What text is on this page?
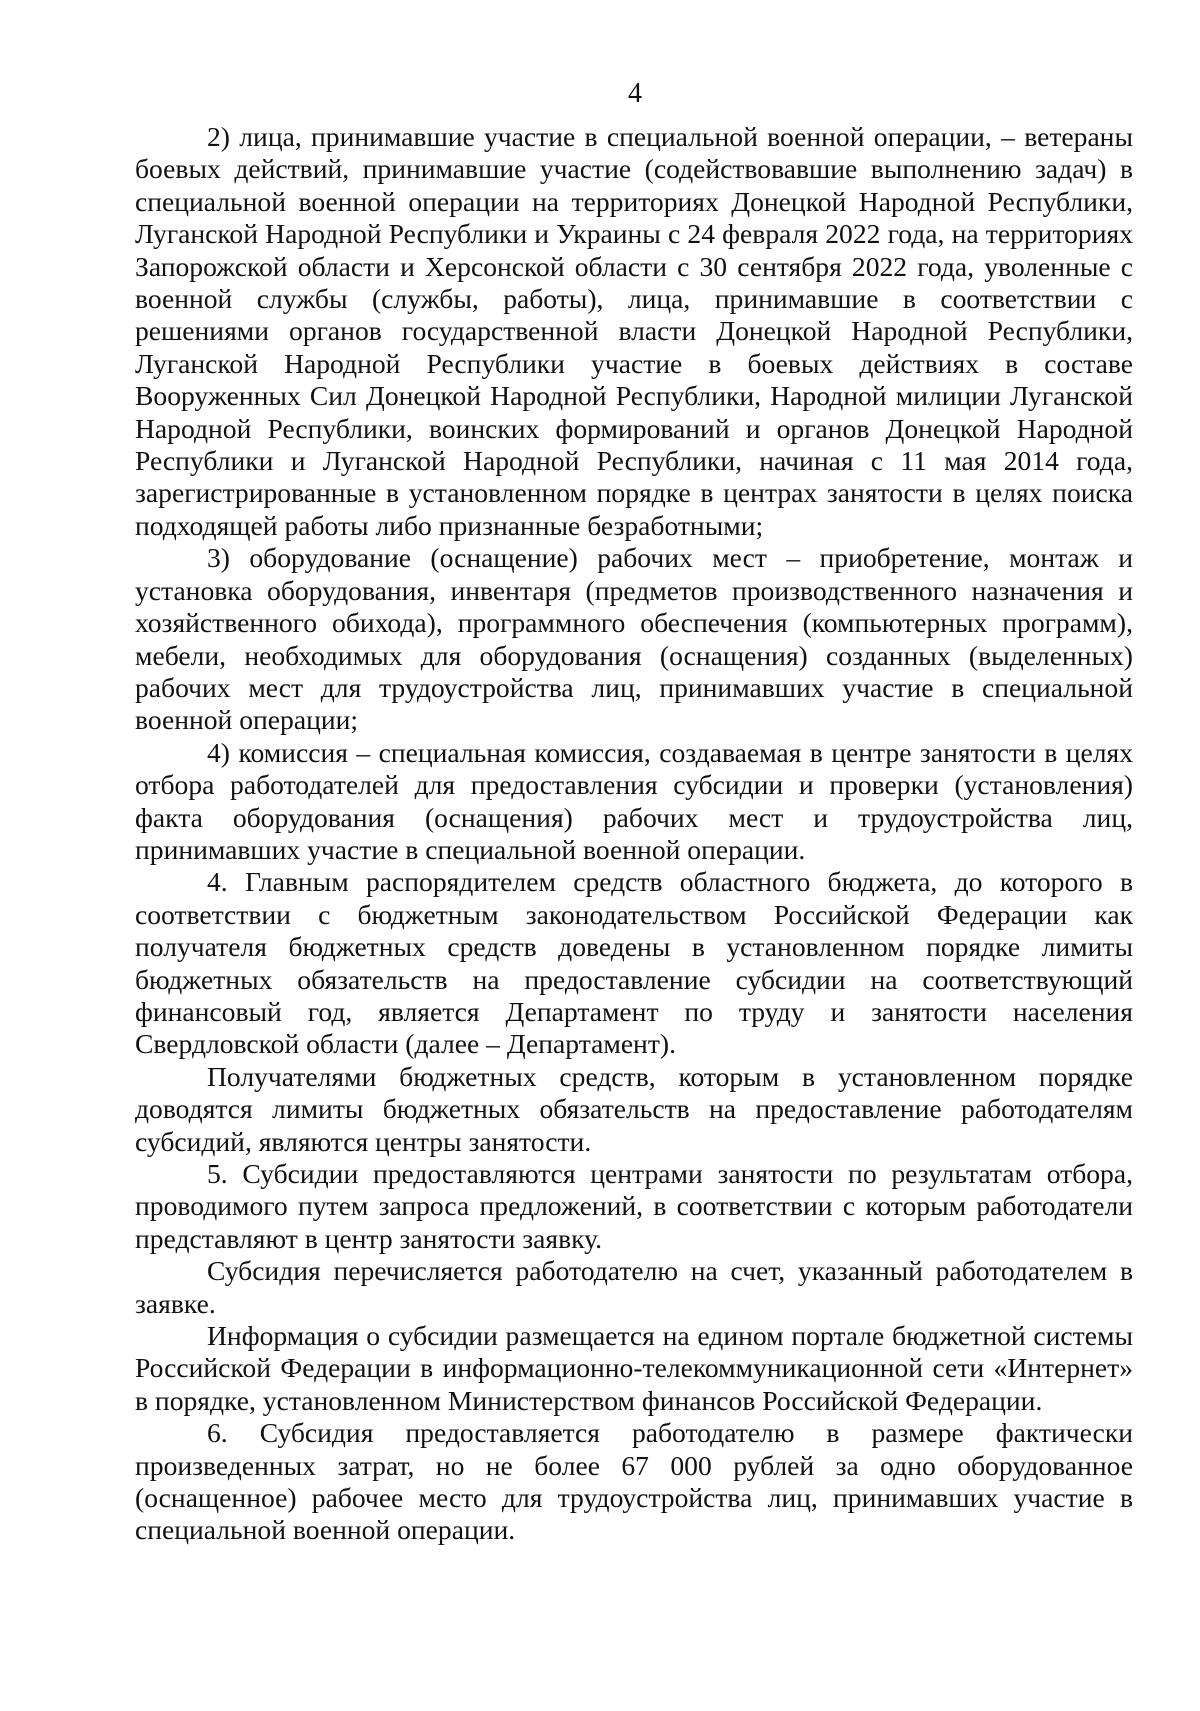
4

2) лица, принимавшие участие в специальной военной операции, – ветераны боевых действий, принимавшие участие (содействовавшие выполнению задач) в специальной военной операции на территориях Донецкой Народной Республики, Луганской Народной Республики и Украины с 24 февраля 2022 года, на территориях Запорожской области и Херсонской области с 30 сентября 2022 года, уволенные с военной службы (службы, работы), лица, принимавшие в соответствии с решениями органов государственной власти Донецкой Народной Республики, Луганской Народной Республики участие в боевых действиях в составе Вооруженных Сил Донецкой Народной Республики, Народной милиции Луганской Народной Республики, воинских формирований и органов Донецкой Народной Республики и Луганской Народной Республики, начиная с 11 мая 2014 года, зарегистрированные в установленном порядке в центрах занятости в целях поиска подходящей работы либо признанные безработными;

3) оборудование (оснащение) рабочих мест – приобретение, монтаж и установка оборудования, инвентаря (предметов производственного назначения и хозяйственного обихода), программного обеспечения (компьютерных программ), мебели, необходимых для оборудования (оснащения) созданных (выделенных) рабочих мест для трудоустройства лиц, принимавших участие в специальной военной операции;

4) комиссия – специальная комиссия, создаваемая в центре занятости в целях отбора работодателей для предоставления субсидии и проверки (установления) факта оборудования (оснащения) рабочих мест и трудоустройства лиц, принимавших участие в специальной военной операции.

4. Главным распорядителем средств областного бюджета, до которого в соответствии с бюджетным законодательством Российской Федерации как получателя бюджетных средств доведены в установленном порядке лимиты бюджетных обязательств на предоставление субсидии на соответствующий финансовый год, является Департамент по труду и занятости населения Свердловской области (далее – Департамент).

Получателями бюджетных средств, которым в установленном порядке доводятся лимиты бюджетных обязательств на предоставление работодателям субсидий, являются центры занятости.

5. Субсидии предоставляются центрами занятости по результатам отбора, проводимого путем запроса предложений, в соответствии с которым работодатели представляют в центр занятости заявку.

Субсидия перечисляется работодателю на счет, указанный работодателем в заявке.

Информация о субсидии размещается на едином портале бюджетной системы Российской Федерации в информационно-телекоммуникационной сети «Интернет» в порядке, установленном Министерством финансов Российской Федерации.

6. Субсидия предоставляется работодателю в размере фактически произведенных затрат, но не более 67 000 рублей за одно оборудованное (оснащенное) рабочее место для трудоустройства лиц, принимавших участие в специальной военной операции.
